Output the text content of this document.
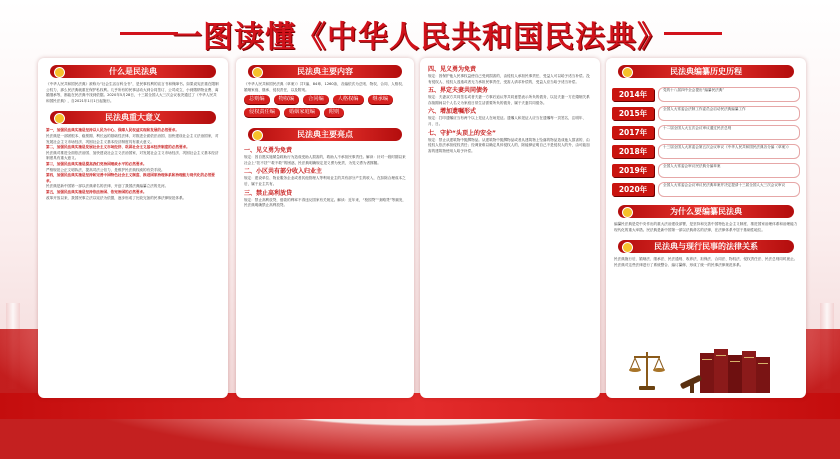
一图读懂《中华人民共和国民法典》
什么是民法典
《中华人民共和国民法典》被称为“社会生活百科全书”，是民事权利的宣言书和保障书。如果说宪法重在限制公权力，那么民法典就重在保护私权利。几乎所有的民事活动大到合同签订、公司成立，小到缴纳物业费、离婚继承等，都能在民法典中找到依据。2020年5月28日，十三届全国人大三次会议表决通过了《中华人民共和国民法典》，自2021年1月1日起施行。
民法典重大意义
第一，加强民法典实施是坚持以人民为中心、保障人民权益实现和发展的必然要求。
民法典是一部固根本、稳预期、利长远的基础性法律，对推进全面依法治国、加快建设社会主义法治国家，对发展社会主义市场经济、巩固社会主义基本经济制度具有重大意义。
第二，加强民法典实施是发展社会主义市场经济、巩固社会主义基本经济制度的必然要求。
民法典对推进全面依法治国、加快建设社会主义法治国家，对发展社会主义市场经济、巩固社会主义基本经济制度具有重大意义。
第三，加强民法典实施是提高我们党治国理政水平的必然要求。
严格规范公正文明执法，提高司法公信力，是维护民法典权威的有效手段。
第四，加强民法典实施是坚持和完善中国特色社会主义制度、推进国家治理体系和治理能力现代化的必然要求。
民法典是新中国第一部以法典命名的法律，开创了我国法典编纂立法的先河。
第五，加强民法典实施是坚持依法治国、依宪治国的必然要求。
改革开放以来，我国民事立法以宪法为依据，逐步形成了比较完备的民事法律规范体系。
民法典主要内容
《中华人民共和国民法典（草案）》共7编、84章、1260条，各编依次为总则、物权、合同、人格权、婚姻家庭、继承、侵权责任，以及附则。
总则编	物权编	合同编	人格权编	继承编
侵权责任编	婚姻家庭编	附则
民法典主要亮点
一、见义勇为免责
规定：因自愿实施紧急救助行为造成受助人损害的，救助人不承担民事责任。解读：针对一段时期以来社会上“扶不扶”“救不救”的困惑，民法典明确规定见义勇为免责，为见义勇为者撑腰。
二、小区共有部分收入归业主
规定：建设单位、物业服务企业或者其他管理人等利用业主的共有部分产生的收入，在扣除合理成本之后，属于业主共有。
三、禁止高利放贷
规定：禁止高利放贷，借款的利率不得违反国家有关规定。解读：近年来，“校园贷”“套路贷”等频发，民法典明确禁止高利放贷。
四、见义勇为免责
规定：因保护他人民事权益使自己受到损害的，由侵权人承担民事责任，受益人可以给予适当补偿。没有侵权人、侵权人逃逸或者无力承担民事责任，受害人请求补偿的，受益人应当给予适当补偿。
五、界定夫妻共同债务
规定：夫妻双方共同签名或者夫妻一方事后追认等共同意思表示所负的债务，以及夫妻一方在婚姻关系存续期间以个人名义为家庭日常生活需要所负的债务，属于夫妻共同债务。
六、增加遗嘱形式
规定：打印遗嘱应当有两个以上见证人在场见证。遗嘱人和见证人应当在遗嘱每一页签名，注明年、月、日。
七、守护“头顶上的安全”
规定：禁止从建筑物中抛掷物品。从建筑物中抛掷物品或者从建筑物上坠落的物品造成他人损害的，由侵权人依法承担侵权责任；经调查难以确定具体侵权人的，除能够证明自己不是侵权人的外，由可能加害的建筑物使用人给予补偿。
民法典编纂历史历程
2014年	党的十八届四中全会提出“编纂民法典”
2015年	全国人大常委会法制工作委员会启动民法典编纂工作
2017年	十二届全国人大五次会议审议通过民法总则
2018年	十三届全国人大常委会第五次会议审议《中华人民共和国民法典各分编（草案）》
2019年	全国人大常委会审议民法典分编草案
2020年	全国人大常委会会议审议民法典草案并决定提请十三届全国人大三次会议审议
为什么要编纂民法典
编纂民法典是党中央作出的重大法治建设部署，是坚持和完善中国特色社会主义制度、推进国家治理体系和治理能力现代化的重大举措。民法典是新中国第一部以法典命名的法律，在法律体系中居于基础性地位。
民法典与现行民事的法律关系
民法典施行后，婚姻法、继承法、民法通则、收养法、担保法、合同法、物权法、侵权责任法、民法总则同时废止。民法典对这些法律进行了系统整合、编订纂修，形成了统一的民事法律规范体系。
